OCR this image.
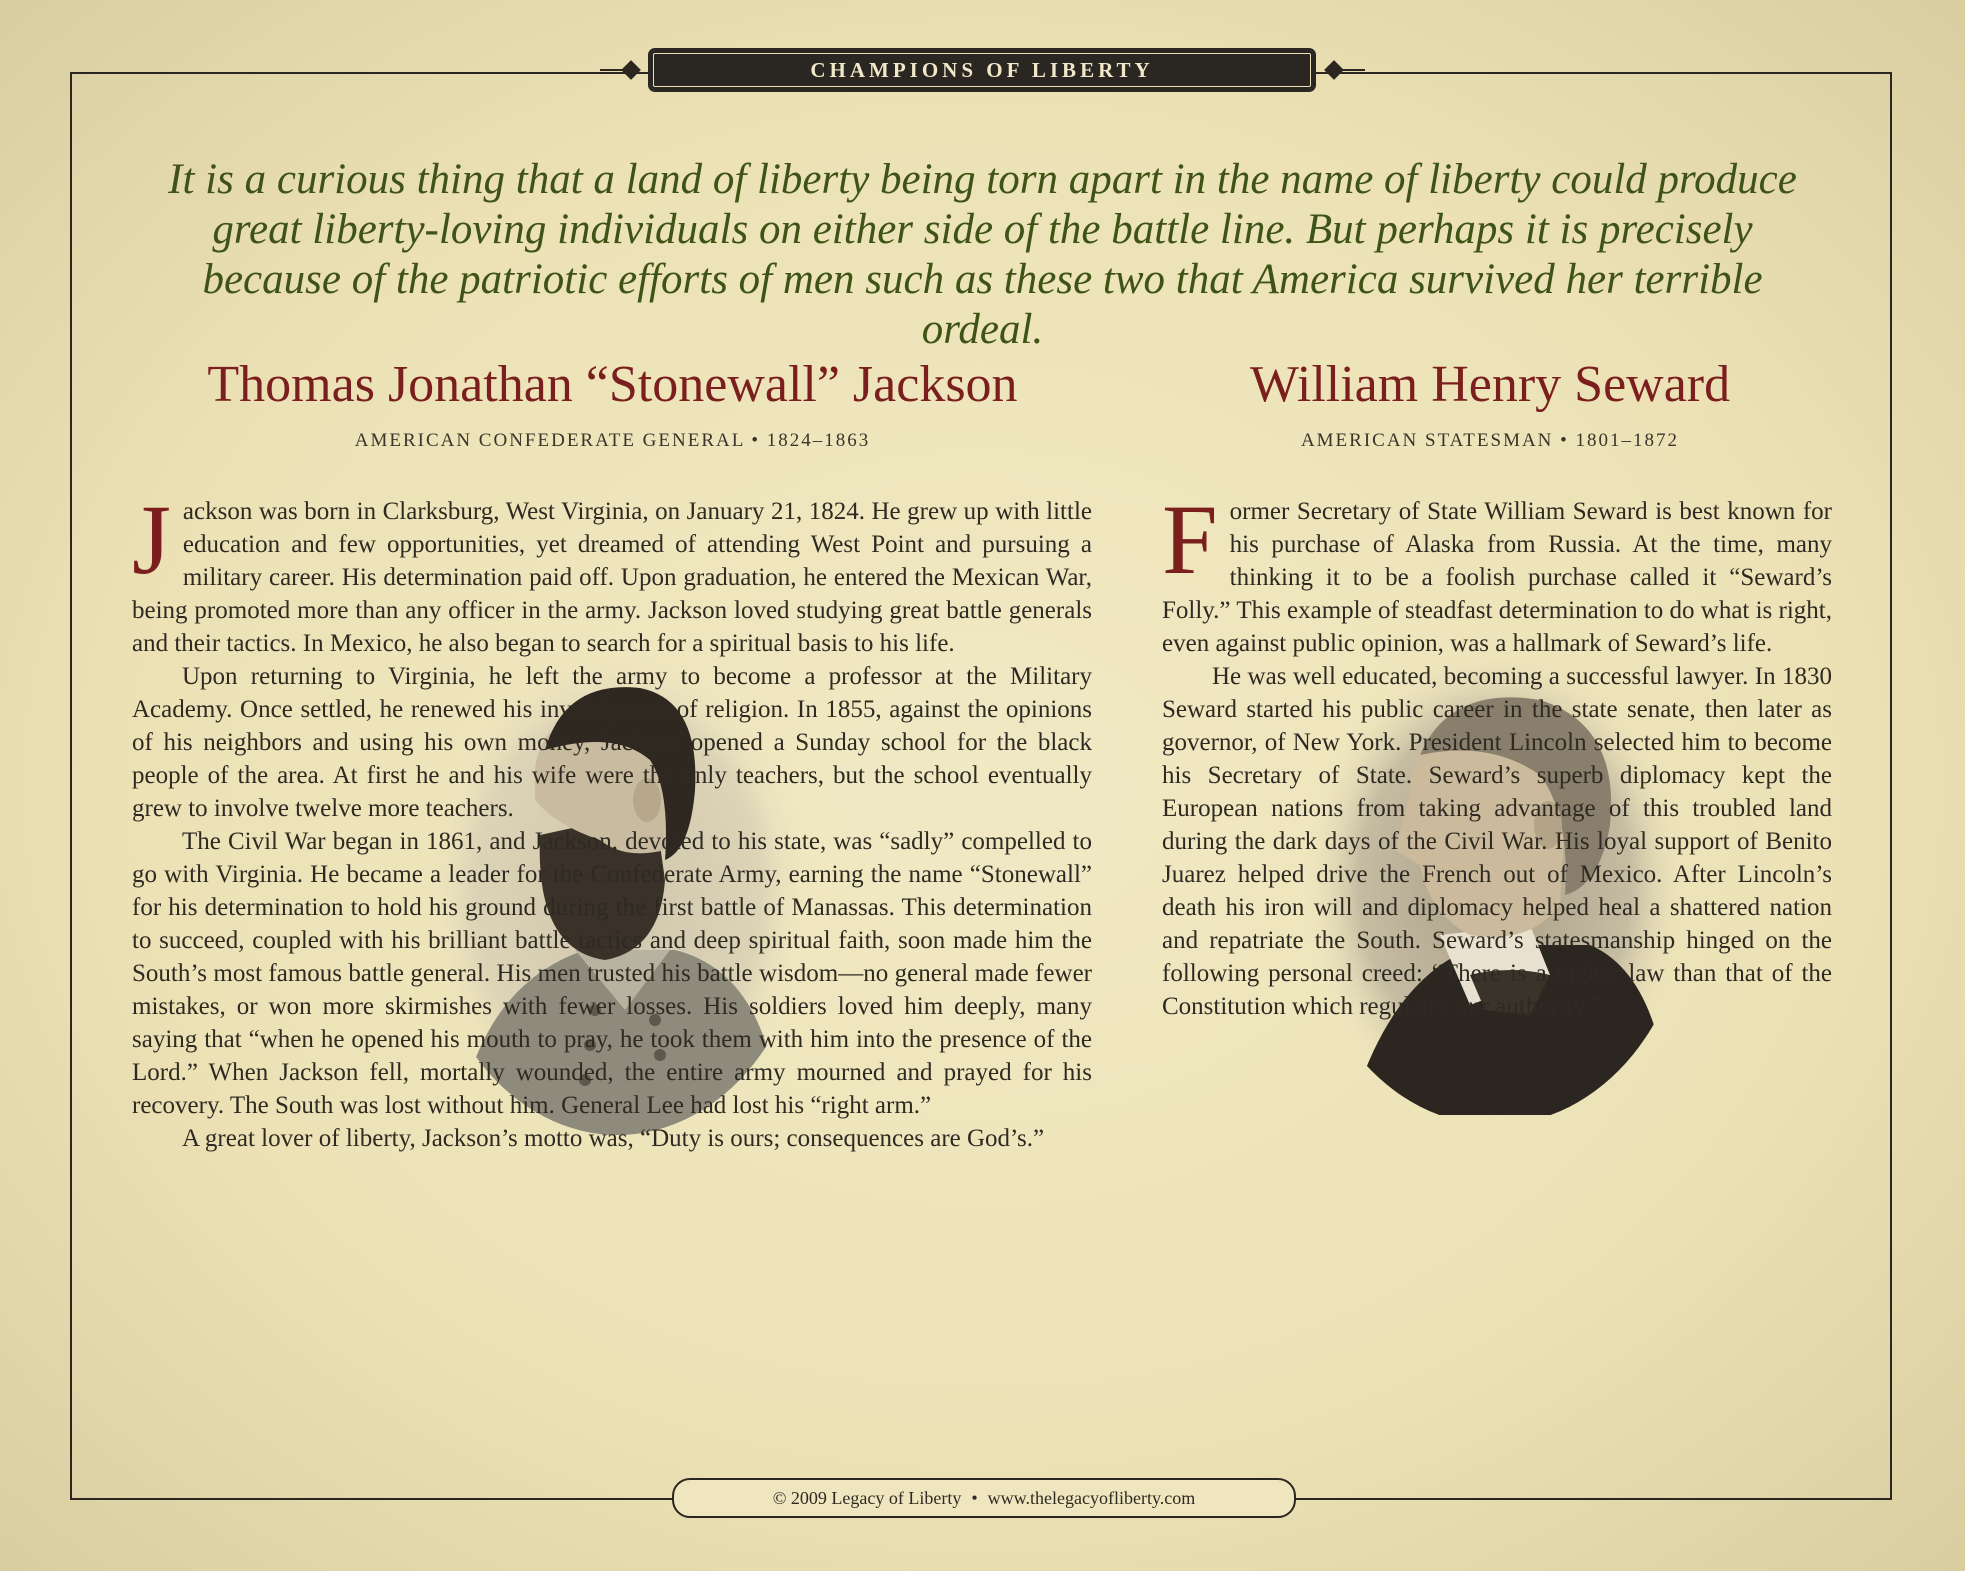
CHAMPIONS OF LIBERTY
It is a curious thing that a land of liberty being torn apart in the name of liberty could produce great liberty-loving individuals on either side of the battle line. But perhaps it is precisely because of the patriotic efforts of men such as these two that America survived her terrible ordeal.
Thomas Jonathan “Stonewall” Jackson
AMERICAN CONFEDERATE GENERAL • 1824–1863

Jackson was born in Clarksburg, West Virginia, on January 21, 1824. He grew up with little education and few opportunities, yet dreamed of attending West Point and pursuing a military career. His determination paid off. Upon graduation, he entered the Mexican War, being promoted more than any officer in the army. Jackson loved studying great battle generals and their tactics. In Mexico, he also began to search for a spiritual basis to his life.

Upon returning to Virginia, he left the army to become a professor at the Military Academy. Once settled, he renewed his investigation of religion. In 1855, against the opinions of his neighbors and using his own money, Jackson opened a Sunday school for the black people of the area. At first he and his wife were the only teachers, but the school eventually grew to involve twelve more teachers.

The Civil War began in 1861, and Jackson, devoted to his state, was “sadly” compelled to go with Virginia. He became a leader for the Confederate Army, earning the name “Stonewall” for his determination to hold his ground during the first battle of Manassas. This determination to succeed, coupled with his brilliant battle tactics and deep spiritual faith, soon made him the South’s most famous battle general. His men trusted his battle wisdom—no general made fewer mistakes, or won more skirmishes with fewer losses. His soldiers loved him deeply, many saying that “when he opened his mouth to pray, he took them with him into the presence of the Lord.” When Jackson fell, mortally wounded, the entire army mourned and prayed for his recovery. The South was lost without him. General Lee had lost his “right arm.”

A great lover of liberty, Jackson’s motto was, “Duty is ours; consequences are God’s.”

William Henry Seward
AMERICAN STATESMAN • 1801–1872

Former Secretary of State William Seward is best known for his purchase of Alaska from Russia. At the time, many thinking it to be a foolish purchase called it “Seward’s Folly.” This example of steadfast determination to do what is right, even against public opinion, was a hallmark of Seward’s life.

He was well educated, becoming a successful lawyer. In 1830 Seward started his public career in the state senate, then later as governor, of New York. President Lincoln selected him to become his Secretary of State. Seward’s superb diplomacy kept the European nations from taking advantage of this troubled land during the dark days of the Civil War. His loyal support of Benito Juarez helped drive the French out of Mexico. After Lincoln’s death his iron will and diplomacy helped heal a shattered nation and repatriate the South. Seward’s statesmanship hinged on the following personal creed: “There is a higher law than that of the Constitution which regulates our authority.”

© 2009 Legacy of Liberty • www.thelegacyofliberty.com
